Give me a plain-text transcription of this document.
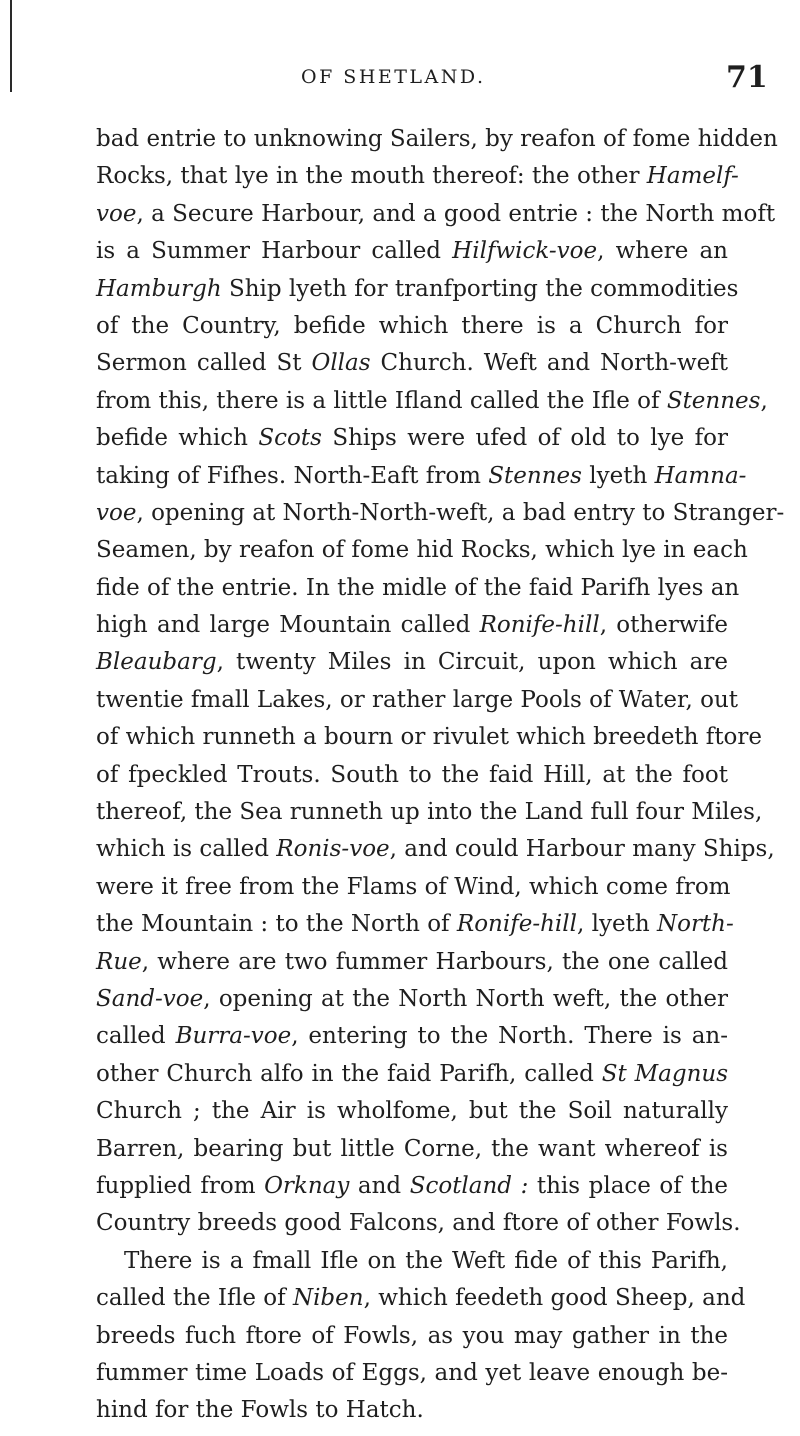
OF SHETLAND.	71
bad entrie to unknowing Sailers, by reafon of fome hidden
Rocks, that lye in the mouth thereof: the other Hamelf-
voe, a Secure Harbour, and a good entrie : the North moft
is a Summer Harbour called Hilfwick-voe, where an
Hamburgh Ship lyeth for tranfporting the commodities
of the Country, befide which there is a Church for
Sermon called St Ollas Church. Weft and North-weft
from this, there is a little Ifland called the Ifle of Stennes,
befide which Scots Ships were ufed of old to lye for
taking of Fifhes. North-Eaft from Stennes lyeth Hamna-
voe, opening at North-North-weft, a bad entry to Stranger-
Seamen, by reafon of fome hid Rocks, which lye in each
fide of the entrie. In the midle of the faid Parifh lyes an
high and large Mountain called Ronife-hill, otherwife
Bleaubarg, twenty Miles in Circuit, upon which are
twentie fmall Lakes, or rather large Pools of Water, out
of which runneth a bourn or rivulet which breedeth ftore
of fpeckled Trouts. South to the faid Hill, at the foot
thereof, the Sea runneth up into the Land full four Miles,
which is called Ronis-voe, and could Harbour many Ships,
were it free from the Flams of Wind, which come from
the Mountain : to the North of Ronife-hill, lyeth North-
Rue, where are two fummer Harbours, the one called
Sand-voe, opening at the North North weft, the other
called Burra-voe, entering to the North. There is an-
other Church alfo in the faid Parifh, called St Magnus
Church ; the Air is wholfome, but the Soil naturally
Barren, bearing but little Corne, the want whereof is
fupplied from Orknay and Scotland : this place of the
Country breeds good Falcons, and ftore of other Fowls.
There is a fmall Ifle on the Weft fide of this Parifh,
called the Ifle of Niben, which feedeth good Sheep, and
breeds fuch ftore of Fowls, as you may gather in the
fummer time Loads of Eggs, and yet leave enough be-
hind for the Fowls to Hatch.
